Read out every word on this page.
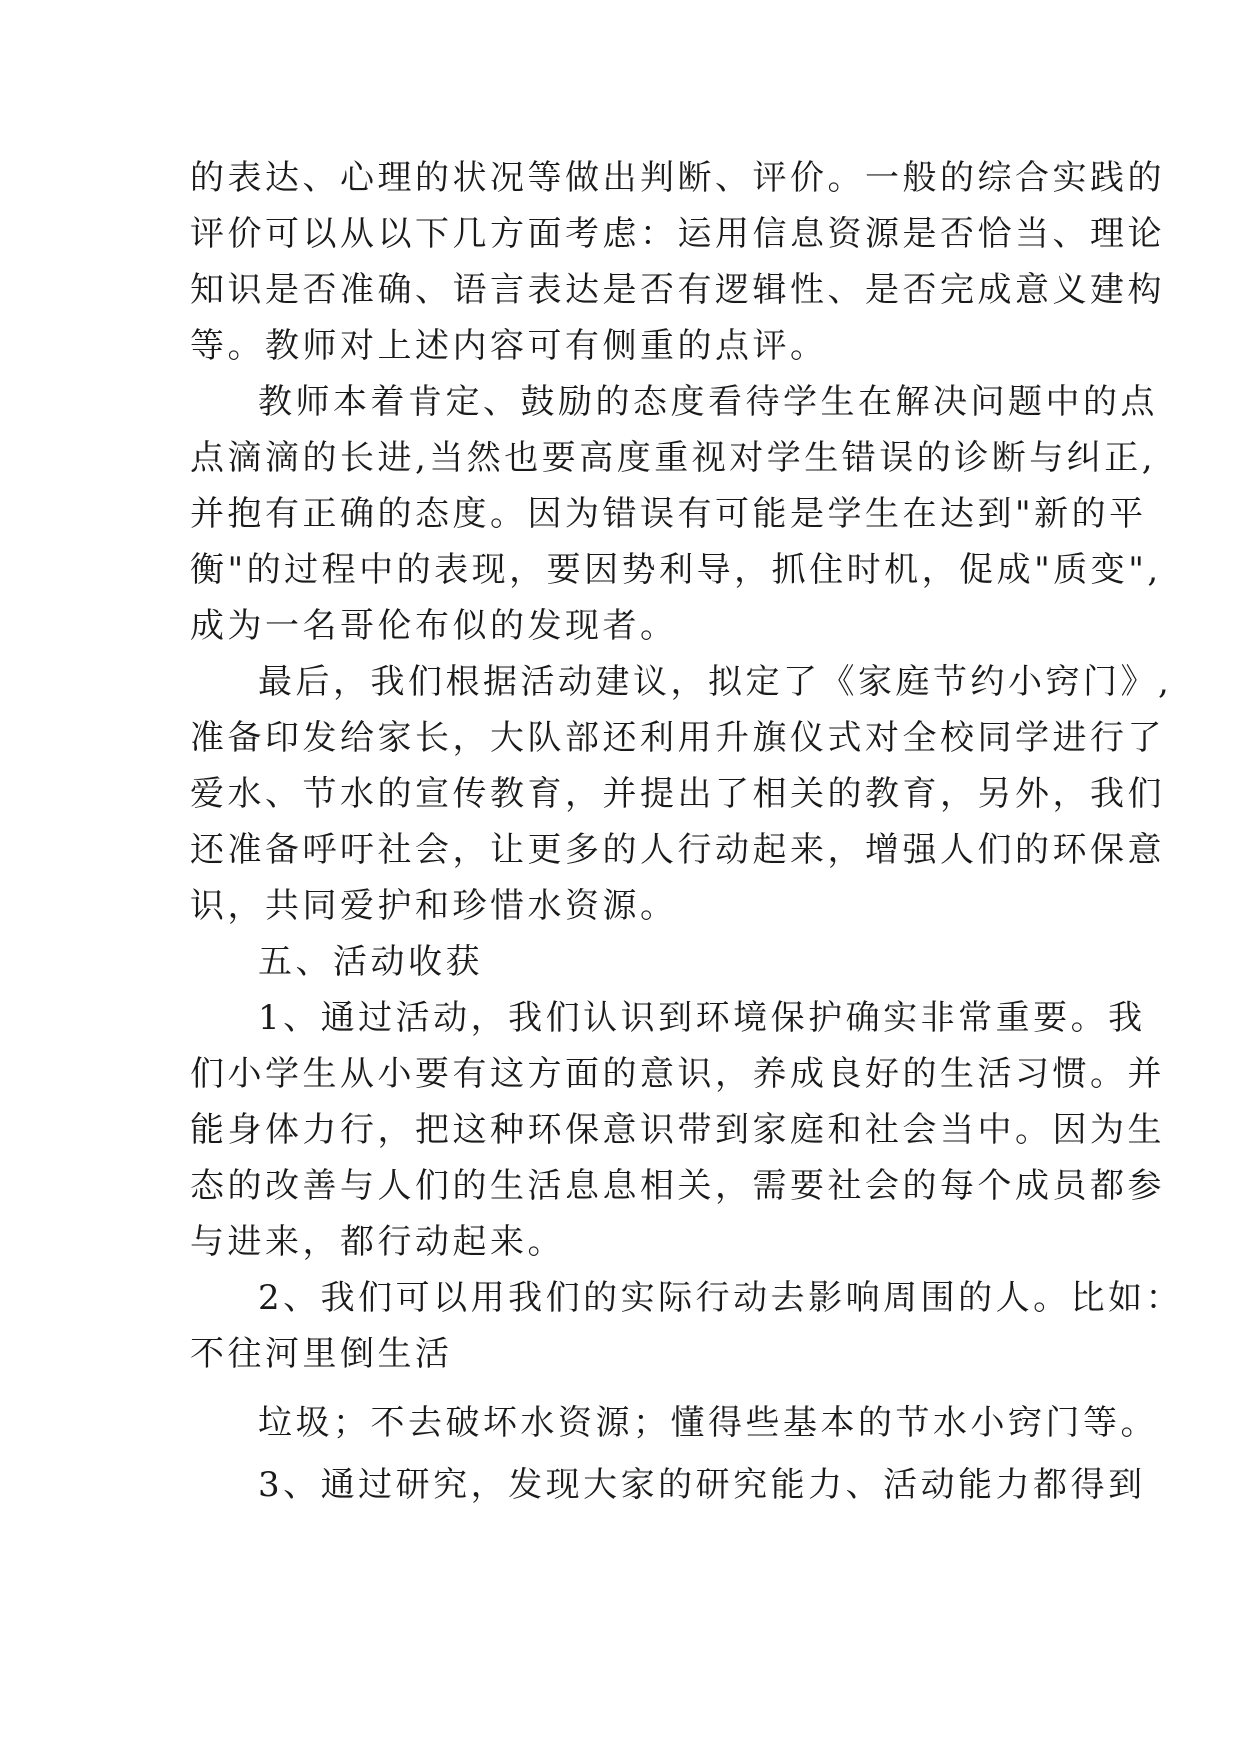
的表达、心理的状况等做出判断、评价。一般的综合实践的
评价可以从以下几方面考虑：运用信息资源是否恰当、理论
知识是否准确、语言表达是否有逻辑性、是否完成意义建构
等。教师对上述内容可有侧重的点评。
教师本着肯定、鼓励的态度看待学生在解决问题中的点
点滴滴的长进,当然也要高度重视对学生错误的诊断与纠正,
并抱有正确的态度。因为错误有可能是学生在达到"新的平
衡"的过程中的表现，要因势利导，抓住时机，促成"质变",
成为一名哥伦布似的发现者。
最后，我们根据活动建议，拟定了《家庭节约小窍门》,
准备印发给家长，大队部还利用升旗仪式对全校同学进行了
爱水、节水的宣传教育，并提出了相关的教育，另外，我们
还准备呼吁社会，让更多的人行动起来，增强人们的环保意
识，共同爱护和珍惜水资源。
五、活动收获
1、通过活动，我们认识到环境保护确实非常重要。我
们小学生从小要有这方面的意识，养成良好的生活习惯。并
能身体力行，把这种环保意识带到家庭和社会当中。因为生
态的改善与人们的生活息息相关，需要社会的每个成员都参
与进来，都行动起来。
2、我们可以用我们的实际行动去影响周围的人。比如：
不往河里倒生活
垃圾；不去破坏水资源；懂得些基本的节水小窍门等。
3、通过研究，发现大家的研究能力、活动能力都得到
